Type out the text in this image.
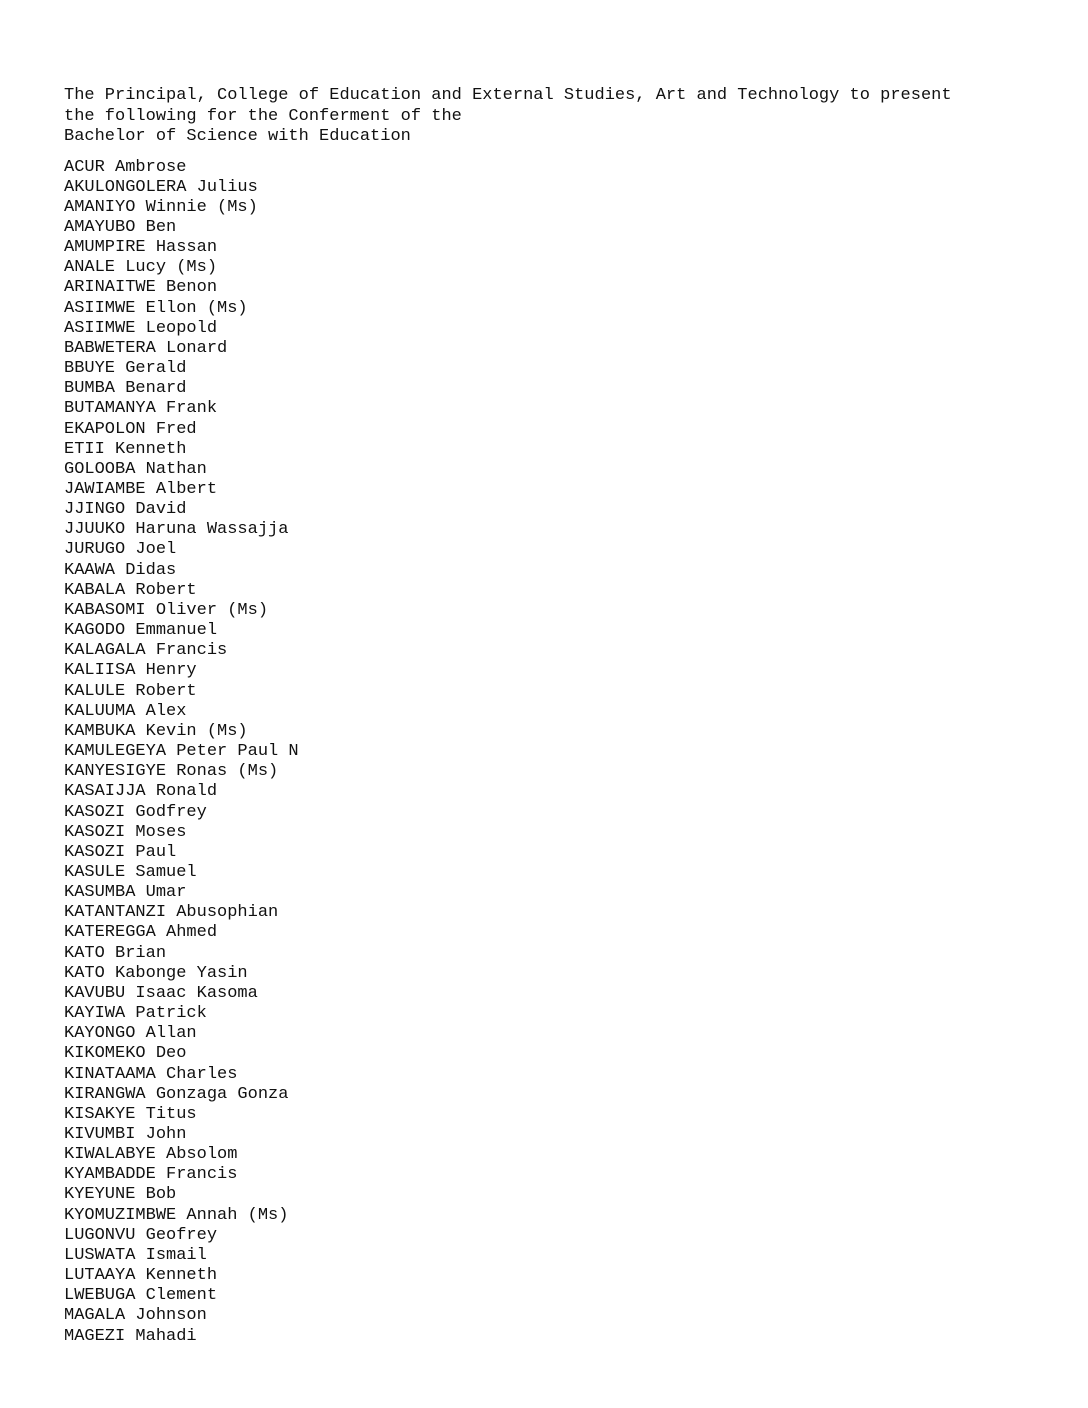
The Principal, College of Education and External Studies, Art and Technology to present
the following for the Conferment of the
Bachelor of Science with Education
ACUR Ambrose
AKULONGOLERA Julius
AMANIYO Winnie (Ms)
AMAYUBO Ben
AMUMPIRE Hassan
ANALE Lucy (Ms)
ARINAITWE Benon
ASIIMWE Ellon (Ms)
ASIIMWE Leopold
BABWETERA Lonard
BBUYE Gerald
BUMBA Benard
BUTAMANYA Frank
EKAPOLON Fred
ETII Kenneth
GOLOOBA Nathan
JAWIAMBE Albert
JJINGO David
JJUUKO Haruna Wassajja
JURUGO Joel
KAAWA Didas
KABALA Robert
KABASOMI Oliver (Ms)
KAGODO Emmanuel
KALAGALA Francis
KALIISA Henry
KALULE Robert
KALUUMA Alex
KAMBUKA Kevin (Ms)
KAMULEGEYA Peter Paul N
KANYESIGYE Ronas (Ms)
KASAIJJA Ronald
KASOZI Godfrey
KASOZI Moses
KASOZI Paul
KASULE Samuel
KASUMBA Umar
KATANTANZI Abusophian
KATEREGGA Ahmed
KATO Brian
KATO Kabonge Yasin
KAVUBU Isaac Kasoma
KAYIWA Patrick
KAYONGO Allan
KIKOMEKO Deo
KINATAAMA Charles
KIRANGWA Gonzaga Gonza
KISAKYE Titus
KIVUMBI John
KIWALABYE Absolom
KYAMBADDE Francis
KYEYUNE Bob
KYOMUZIMBWE Annah (Ms)
LUGONVU Geofrey
LUSWATA Ismail
LUTAAYA Kenneth
LWEBUGA Clement
MAGALA Johnson
MAGEZI Mahadi
